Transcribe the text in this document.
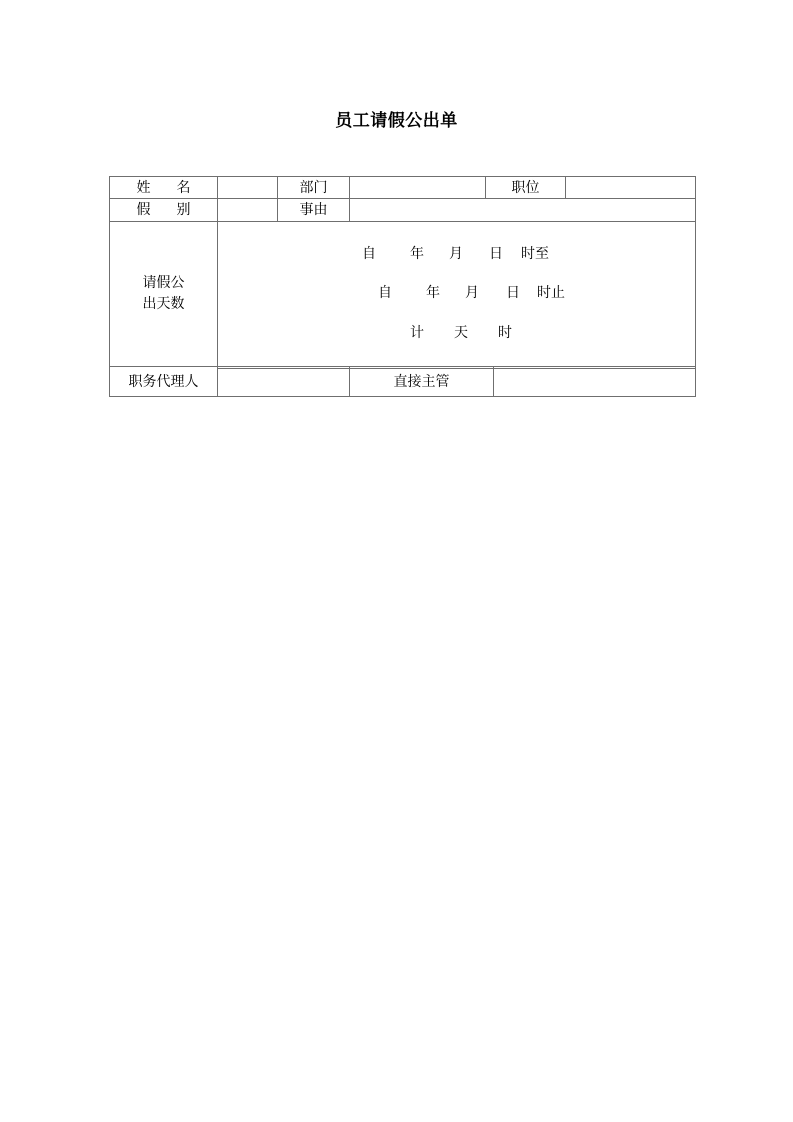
员工请假公出单
姓 名	部门	职位
假 别	事由
请假公
出天数
自 年 月 日 时至
自 年 月 日 时止
计 天 时
职务代理人	直接主管
